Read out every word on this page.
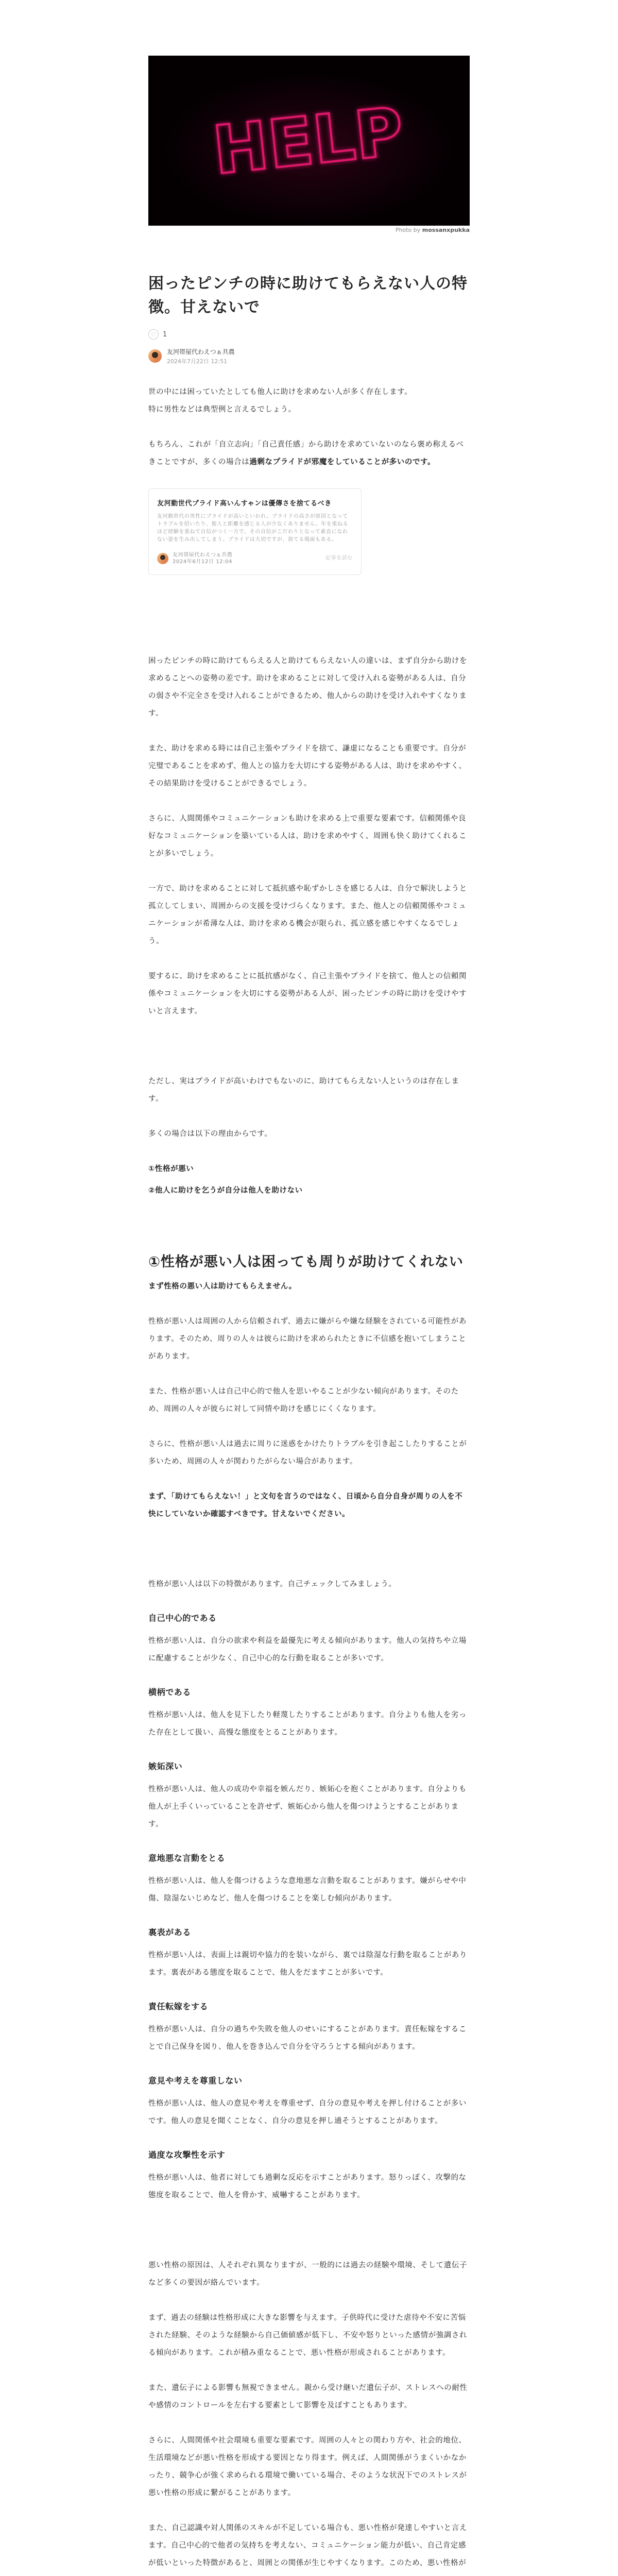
HELP
Photo by mossanxpukka
困ったピンチの時に助けてもらえない人の特徴。甘えないで
♡	1
友河帯屋代わえつぁ共農
2024年7月22日 12:51

世の中には困っていたとしても他人に助けを求めない人が多く存在します。
特に男性などは典型例と言えるでしょう。

もちろん、これが「自立志向」「自己責任感」から助けを求めていないのなら褒め称えるべきことですが、多くの場合は過剰なプライドが邪魔をしていることが多いのです。

友河動世代プライド高いんすゃンは優傳さを捨てるべき
友河動世代の男性にプライドが高いといわれ、プライドの高さが原因となってトラブルを招いたり、他人と距離を感じる人が少なくありません。年を重ねるほど経験を重ねて自信がつく一方で、その自信がこだわりとなって素直になれない姿を生み出してしまう。プライドは大切ですが、捨てる場面もある。
友河帯屋代わえつぁ共農
2024年6月12日 12:04
記事を読む

困ったピンチの時に助けてもらえる人と助けてもらえない人の違いは、まず自分から助けを求めることへの姿勢の差です。助けを求めることに対して受け入れる姿勢がある人は、自分の弱さや不完全さを受け入れることができるため、他人からの助けを受け入れやすくなります。

また、助けを求める時には自己主張やプライドを捨て、謙虚になることも重要です。自分が完璧であることを求めず、他人との協力を大切にする姿勢がある人は、助けを求めやすく、その結果助けを受けることができるでしょう。

さらに、人間関係やコミュニケーションも助けを求める上で重要な要素です。信頼関係や良好なコミュニケーションを築いている人は、助けを求めやすく、周囲も快く助けてくれることが多いでしょう。

一方で、助けを求めることに対して抵抗感や恥ずかしさを感じる人は、自分で解決しようと孤立してしまい、周囲からの支援を受けづらくなります。また、他人との信頼関係やコミュニケーションが希薄な人は、助けを求める機会が限られ、孤立感を感じやすくなるでしょう。

要するに、助けを求めることに抵抗感がなく、自己主張やプライドを捨て、他人との信頼関係やコミュニケーションを大切にする姿勢がある人が、困ったピンチの時に助けを受けやすいと言えます。

ただし、実はプライドが高いわけでもないのに、助けてもらえない人というのは存在します。

多くの場合は以下の理由からです。

①性格が悪い

②他人に助けを乞うが自分は他人を助けない

①性格が悪い人は困っても周りが助けてくれない

まず性格の悪い人は助けてもらえません。

性格が悪い人は周囲の人から信頼されず、過去に嫌がらや嫌な経験をされている可能性があります。そのため、周りの人々は彼らに助けを求められたときに不信感を抱いてしまうことがあります。

また、性格が悪い人は自己中心的で他人を思いやることが少ない傾向があります。そのため、周囲の人々が彼らに対して同情や助けを感じにくくなります。

さらに、性格が悪い人は過去に周りに迷惑をかけたりトラブルを引き起こしたりすることが多いため、周囲の人々が関わりたがらない場合があります。

まず、「助けてもらえない！」と文句を言うのではなく、日頃から自分自身が周りの人を不快にしていないか確認すべきです。甘えないでください。

性格が悪い人は以下の特徴があります。自己チェックしてみましょう。

自己中心的である

性格が悪い人は、自分の欲求や利益を最優先に考える傾向があります。他人の気持ちや立場に配慮することが少なく、自己中心的な行動を取ることが多いです。

横柄である

性格が悪い人は、他人を見下したり軽蔑したりすることがあります。自分よりも他人を劣った存在として扱い、高慢な態度をとることがあります。

嫉妬深い

性格が悪い人は、他人の成功や幸福を嫉んだり、嫉妬心を抱くことがあります。自分よりも他人が上手くいっていることを許せず、嫉妬心から他人を傷つけようとすることがあります。

意地悪な言動をとる

性格が悪い人は、他人を傷つけるような意地悪な言動を取ることがあります。嫌がらせや中傷、陰湿ないじめなど、他人を傷つけることを楽しむ傾向があります。

裏表がある

性格が悪い人は、表面上は親切や協力的を装いながら、裏では陰湿な行動を取ることがあります。裏表がある態度を取ることで、他人をだますことが多いです。

責任転嫁をする

性格が悪い人は、自分の過ちや失敗を他人のせいにすることがあります。責任転嫁をすることで自己保身を図り、他人を巻き込んで自分を守ろうとする傾向があります。

意見や考えを尊重しない

性格が悪い人は、他人の意見や考えを尊重せず、自分の意見や考えを押し付けることが多いです。他人の意見を聞くことなく、自分の意見を押し通そうとすることがあります。

過度な攻撃性を示す

性格が悪い人は、他者に対しても過剰な反応を示すことがあります。怒りっぽく、攻撃的な態度を取ることで、他人を脅かす、威嚇することがあります。

悪い性格の原因は、人それぞれ異なりますが、一般的には過去の経験や環境、そして遺伝子など多くの要因が絡んでいます。

まず、過去の経験は性格形成に大きな影響を与えます。子供時代に受けた虐待や不安に苦悩された経験、そのような経験から自己価値感が低下し、不安や怒りといった感情が強調される傾向があります。これが積み重なることで、悪い性格が形成されることがあります。

また、遺伝子による影響も無視できません。親から受け継いだ遺伝子が、ストレスへの耐性や感情のコントロールを左右する要素として影響を及ぼすこともあります。

さらに、人間関係や社会環境も重要な要素です。周囲の人々との関わり方や、社会的地位、生活環境などが悪い性格を形成する要因となり得ます。例えば、人間関係がうまくいかなかったり、競争心が強く求められる環境で働いている場合、そのような状況下でのストレスが悪い性格の形成に繋がることがあります。

また、自己認識や対人関係のスキルが不足している場合も、悪い性格が発達しやすいと言えます。自己中心的で他者の気持ちを考えない、コミュニケーション能力が低い、自己肯定感が低いといった特徴があると、周囲との関係が生じやすくなります。このため、悪い性格が
